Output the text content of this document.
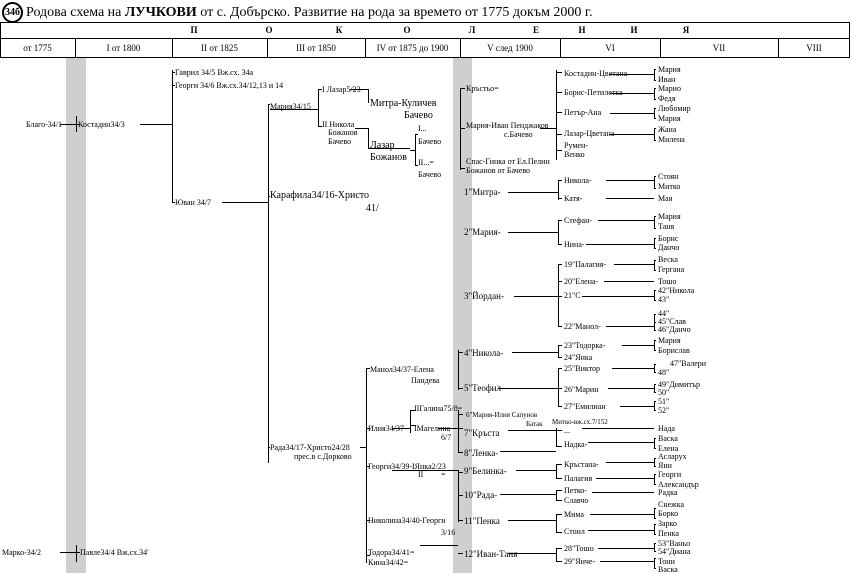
34б Родова схема на ЛУЧКОВИ от с. Добърско. Развитие на рода за времето от 1775 докъм 2000 г.
П	О	К	О	Л	Е	Н	И	Я
от 1775	I от 1800	II от 1825	III от 1850	IV от 1875 до 1900	V след 1900	VI	VII	VIII
Благо-34/1 Костадин34/3
Гаврил 34/5 Вж.сх. 34а
Георги 34/6 Вж.сх.34/12,13 и 14
Ювaн 34/7
I Лазар5/23
Мария34/15
II Никола
Божанов
Бачево
Митра-Куличев
Бачево
Лазар
Божанов
I...
Бачево
II...=
Бачево
Кръстьо=
Мария-Иван Пенджаков
с.Бачево
Спас-Гинка от Ел.Пелин
Божанов от Бачево
Костадин-Цветана
Борис-Петилетка
Петър-Ана
Лазар-Цветана
Румен-
Венко
Мария
Иван
Марио
Федя
Любомир
Мария
Жана
Милена
Карафила34/16-Христо
41/
1"Митра-
Никола-
Катя-
Стоян
Митко
Мая
2"Мария-
Стефан-
Нина-
Мария
Таня
Борис
Данчо
3"Йордан-
19"Палагия-
20"Елена-
21"С
22"Манол-
Веска
Гергана
Тошо
42"Никола
43"
44"
45"Слав
46"Данчо
Манол34/37-Елена
Пандева
4"Никола-
23"Тодорка-
24"Янка
Мария
Борислав
5"Теофил
25"Виктор
26"Марин
27"Емилиан
47"Валери
48"
49"Димитър
50"
51"
52"
IIГалина75/8=
Илия34/37- IМагелина
6/7
6"Мария-Илия Сапунов
Батак Митко-вж.сх.7/152
7"Кръста	...
Надка-
Нада
Васка
Елена
Рада34/17-Христо24/28
прес.в с.Дорково	8"Ленка-	Асларух
Яни
Георги34/39-IЯнка2/23 9"Белинка-
Кръстана-
Палагия
II =	Георги
Александър
10"Рада-	Петко-
Славчо
Радка
Снежка
Борко
Николина34/40-Георги
3/16
11"Пенка
Мима
Стоил
Зарко
Пенка
Марко-34/2	Павле34/4 Вж.сх.34'	Тодора34/41=
Кина34/42=
12"Иван-Таня
28"Тошо
29"Янче-
53"Ваньо
54"Диана
Тони
Васка
